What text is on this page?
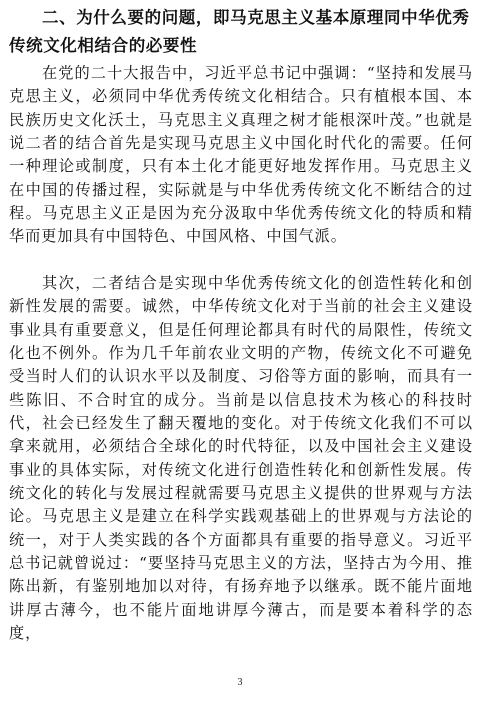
二、为什么要的问题，即马克思主义基本原理同中华优秀传统文化相结合的必要性

在党的二十大报告中，习近平总书记中强调：“坚持和发展马克思主义，必须同中华优秀传统文化相结合。只有植根本国、本民族历史文化沃土，马克思主义真理之树才能根深叶茂。”也就是说二者的结合首先是实现马克思主义中国化时代化的需要。任何一种理论或制度，只有本土化才能更好地发挥作用。马克思主义在中国的传播过程，实际就是与中华优秀传统文化不断结合的过程。马克思主义正是因为充分汲取中华优秀传统文化的特质和精华而更加具有中国特色、中国风格、中国气派。

其次，二者结合是实现中华优秀传统文化的创造性转化和创新性发展的需要。诚然，中华传统文化对于当前的社会主义建设事业具有重要意义，但是任何理论都具有时代的局限性，传统文化也不例外。作为几千年前农业文明的产物，传统文化不可避免受当时人们的认识水平以及制度、习俗等方面的影响，而具有一些陈旧、不合时宜的成分。当前是以信息技术为核心的科技时代，社会已经发生了翻天覆地的变化。对于传统文化我们不可以拿来就用，必须结合全球化的时代特征，以及中国社会主义建设事业的具体实际，对传统文化进行创造性转化和创新性发展。传统文化的转化与发展过程就需要马克思主义提供的世界观与方法论。马克思主义是建立在科学实践观基础上的世界观与方法论的统一，对于人类实践的各个方面都具有重要的指导意义。习近平总书记就曾说过：“要坚持马克思主义的方法，坚持古为今用、推陈出新，有鉴别地加以对待，有扬弃地予以继承。既不能片面地讲厚古薄今，也不能片面地讲厚今薄古，而是要本着科学的态度，

3
